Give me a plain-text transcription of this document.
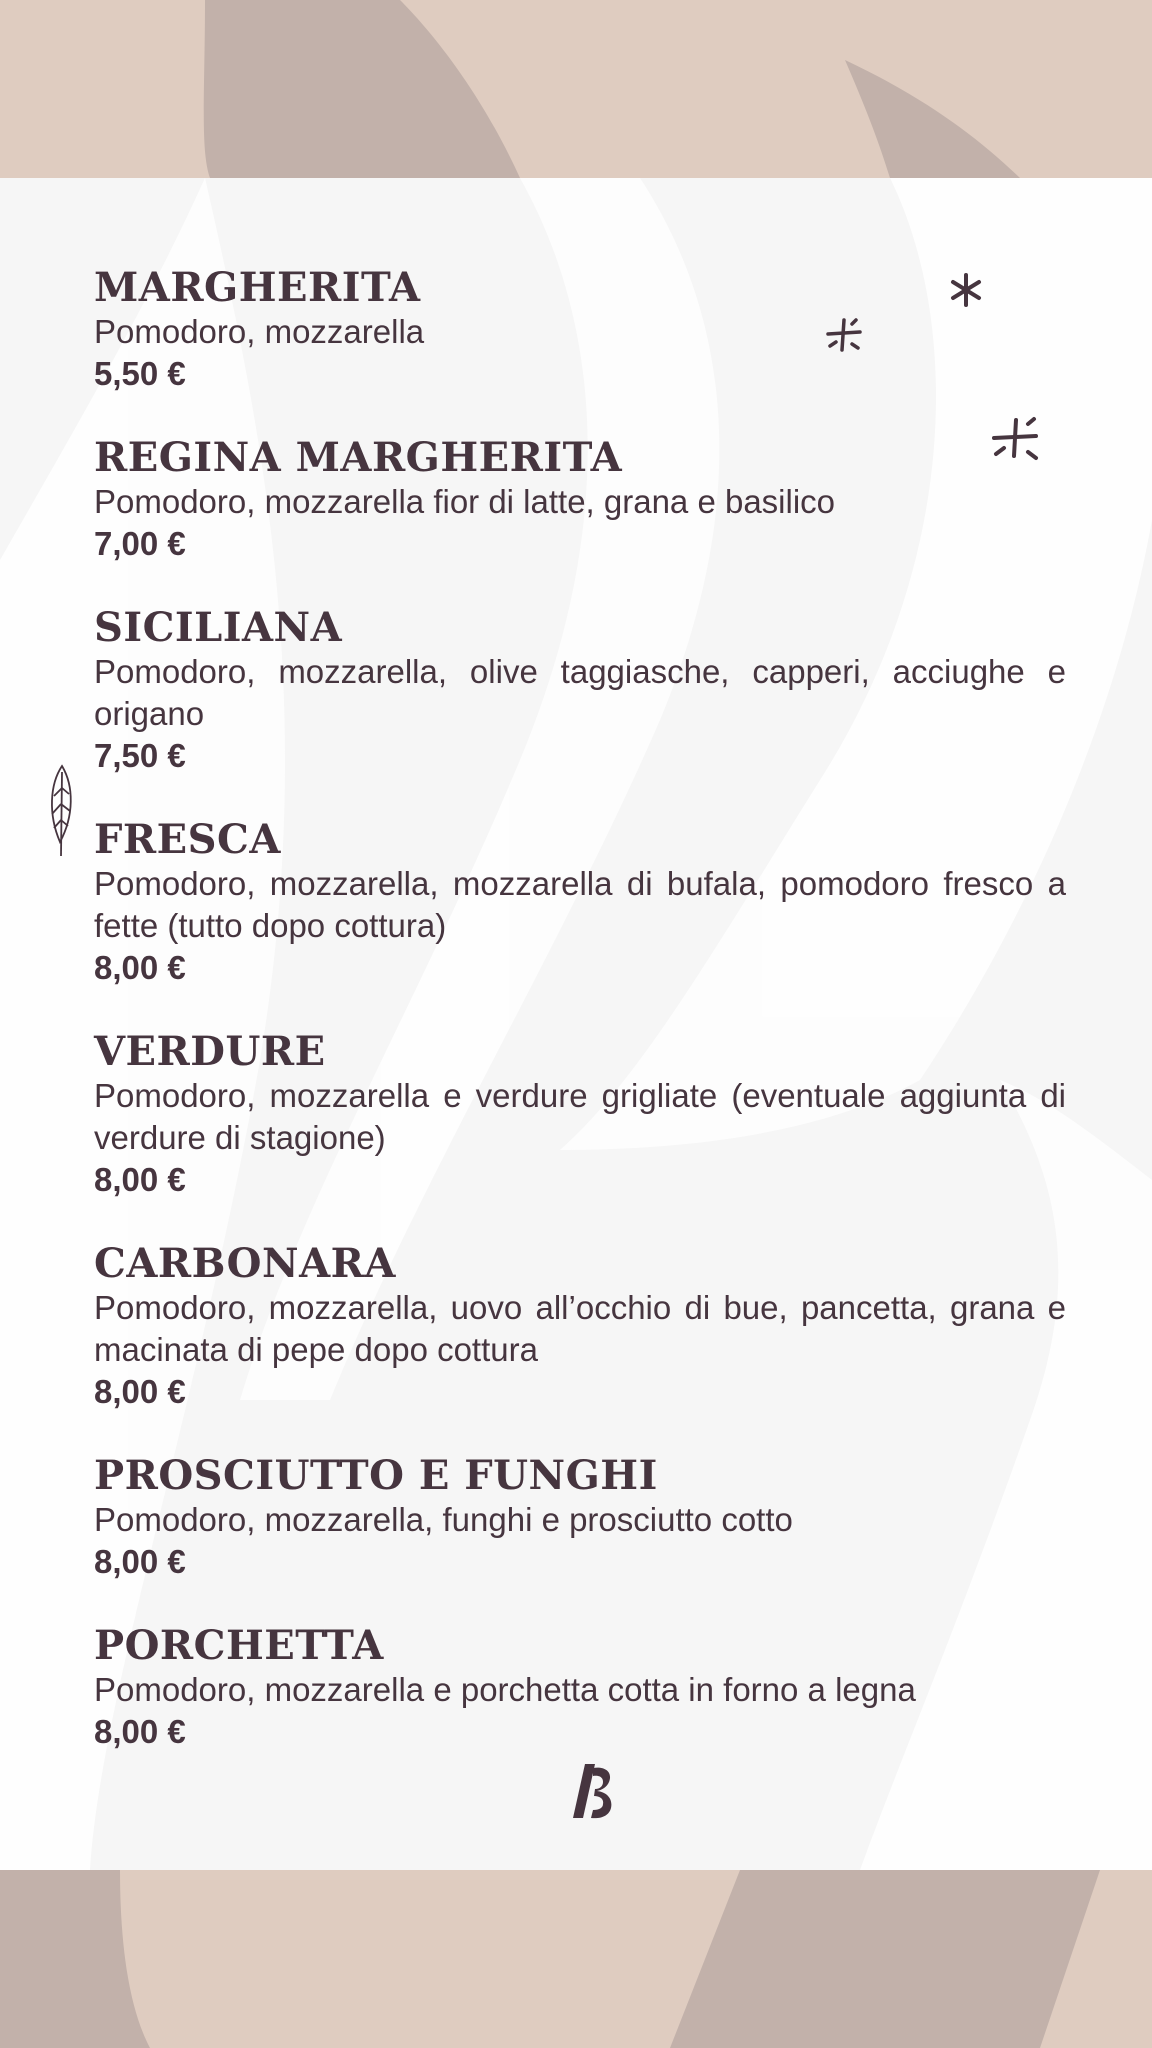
MARGHERITA

Pomodoro, mozzarella

5,50 €

REGINA MARGHERITA

Pomodoro, mozzarella fior di latte, grana e basilico

7,00 €

SICILIANA

Pomodoro, mozzarella, olive taggiasche, capperi, acciughe e origano

7,50 €

FRESCA

Pomodoro, mozzarella, mozzarella di bufala, pomodoro fresco a fette (tutto dopo cottura)

8,00 €

VERDURE

Pomodoro, mozzarella e verdure grigliate (eventuale aggiunta di verdure di stagione)

8,00 €

CARBONARA

Pomodoro, mozzarella, uovo all’occhio di bue, pancetta, grana e macinata di pepe dopo cottura

8,00 €

PROSCIUTTO E FUNGHI

Pomodoro, mozzarella, funghi e prosciutto cotto

8,00 €

PORCHETTA

Pomodoro, mozzarella e porchetta cotta in forno a legna

8,00 €
